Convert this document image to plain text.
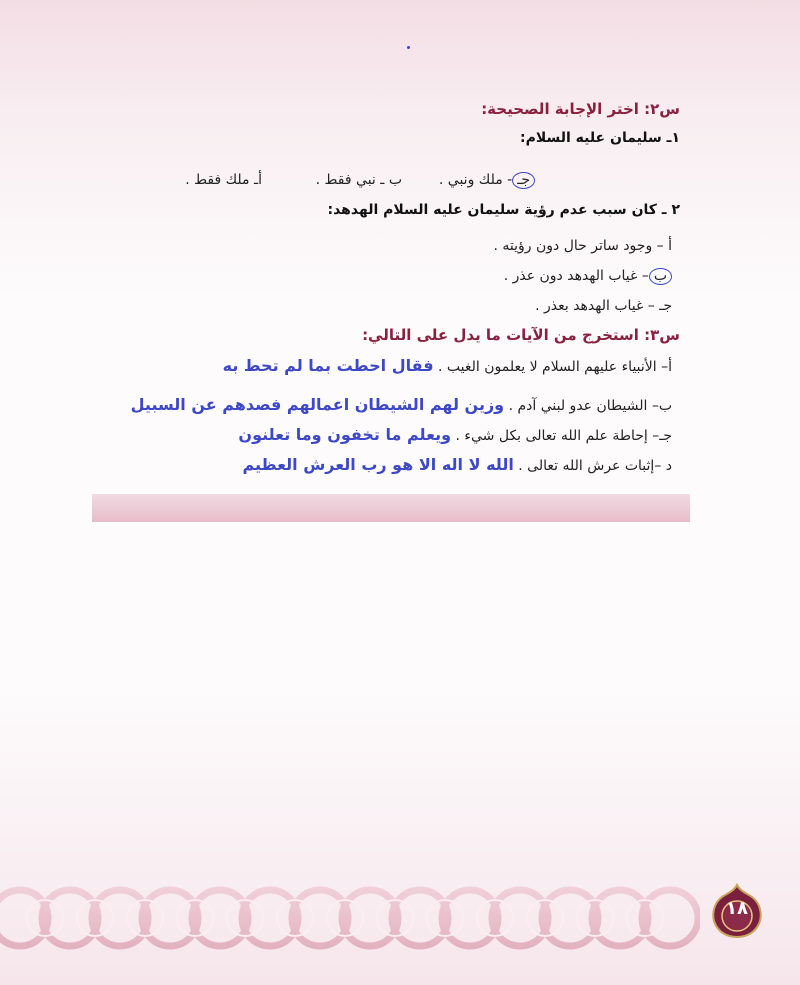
س٢: اختر الإجابة الصحيحة:
١ـ سليمان عليه السلام:
أـ ملك فقط .	ب ـ نبي فقط .	جـ- ملك ونبي .
٢ ـ كان سبب عدم رؤية سليمان عليه السلام الهدهد:
أ – وجود ساتر حال دون رؤيته .
ب– غياب الهدهد دون عذر .
جـ – غياب الهدهد بعذر .
س٣: استخرج من الآيات ما يدل على التالي:
أ– الأنبياء عليهم السلام لا يعلمون الغيب . فقال احطت بما لم تحط به
ب– الشيطان عدو لبني آدم . وزين لهم الشيطان اعمالهم فصدهم عن السبيل
جـ– إحاطة علم الله تعالى بكل شيء . ويعلم ما تخفون وما تعلنون
د –إثبات عرش الله تعالى . الله لا اله الا هو رب العرش العظيم
١٨
